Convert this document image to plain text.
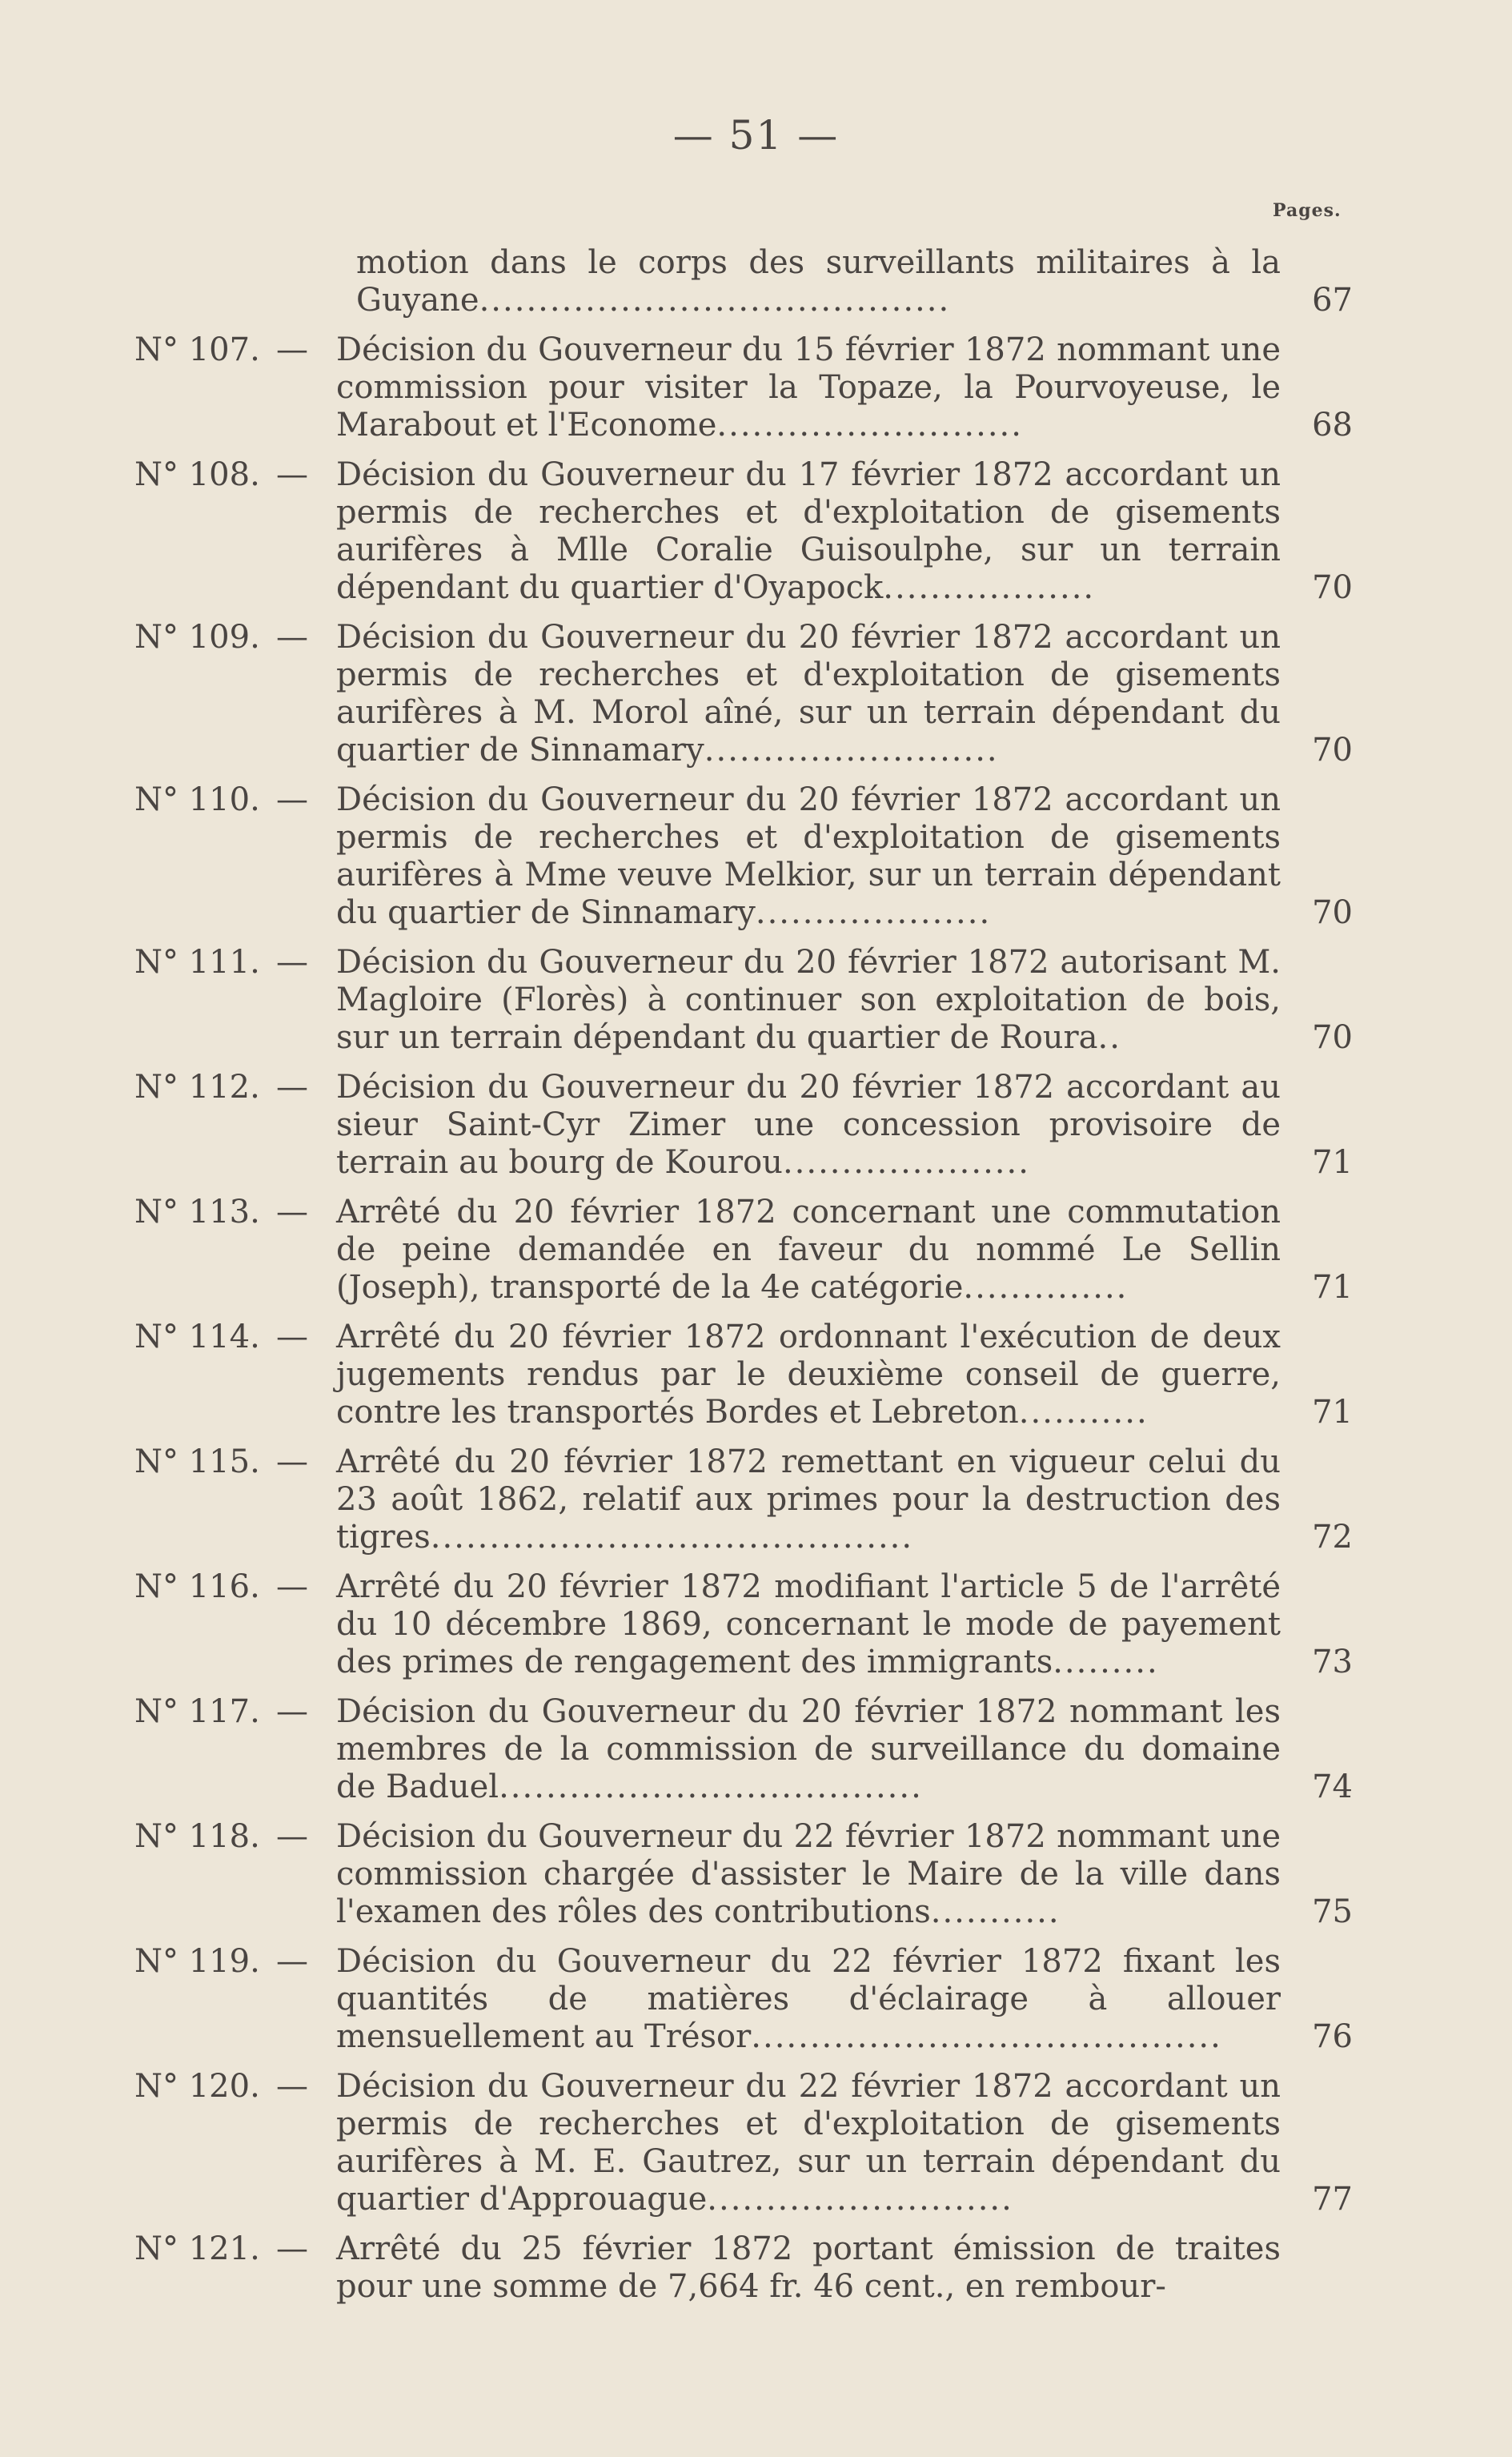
— 51 —
Pages.
motion dans le corps des surveillants militaires à la Guyane........................................	67
N° 107. — Décision du Gouverneur du 15 février 1872 nommant une commission pour visiter la Topaze, la Pourvoyeuse, le Marabout et l'Econome..........................	68
N° 108. — Décision du Gouverneur du 17 février 1872 accordant un permis de recherches et d'exploitation de gisements aurifères à Mlle Coralie Guisoulphe, sur un terrain dépendant du quartier d'Oyapock..................	70
N° 109. — Décision du Gouverneur du 20 février 1872 accordant un permis de recherches et d'exploitation de gisements aurifères à M. Morol aîné, sur un terrain dépendant du quartier de Sinnamary.........................	70
N° 110. — Décision du Gouverneur du 20 février 1872 accordant un permis de recherches et d'exploitation de gisements aurifères à Mme veuve Melkior, sur un terrain dépendant du quartier de Sinnamary....................	70
N° 111. — Décision du Gouverneur du 20 février 1872 autorisant M. Magloire (Florès) à continuer son exploitation de bois, sur un terrain dépendant du quartier de Roura..	70
N° 112. — Décision du Gouverneur du 20 février 1872 accordant au sieur Saint-Cyr Zimer une concession provisoire de terrain au bourg de Kourou.....................	71
N° 113. — Arrêté du 20 février 1872 concernant une commutation de peine demandée en faveur du nommé Le Sellin (Joseph), transporté de la 4e catégorie..............	71
N° 114. — Arrêté du 20 février 1872 ordonnant l'exécution de deux jugements rendus par le deuxième conseil de guerre, contre les transportés Bordes et Lebreton...........	71
N° 115. — Arrêté du 20 février 1872 remettant en vigueur celui du 23 août 1862, relatif aux primes pour la destruction des tigres.........................................	72
N° 116. — Arrêté du 20 février 1872 modifiant l'article 5 de l'arrêté du 10 décembre 1869, concernant le mode de payement des primes de rengagement des immigrants.........	73
N° 117. — Décision du Gouverneur du 20 février 1872 nommant les membres de la commission de surveillance du domaine de Baduel....................................	74
N° 118. — Décision du Gouverneur du 22 février 1872 nommant une commission chargée d'assister le Maire de la ville dans l'examen des rôles des contributions...........	75
N° 119. — Décision du Gouverneur du 22 février 1872 fixant les quantités de matières d'éclairage à allouer mensuellement au Trésor........................................	76
N° 120. — Décision du Gouverneur du 22 février 1872 accordant un permis de recherches et d'exploitation de gisements aurifères à M. E. Gautrez, sur un terrain dépendant du quartier d'Approuague..........................	77
N° 121. — Arrêté du 25 février 1872 portant émission de traites pour une somme de 7,664 fr. 46 cent., en rembour-
